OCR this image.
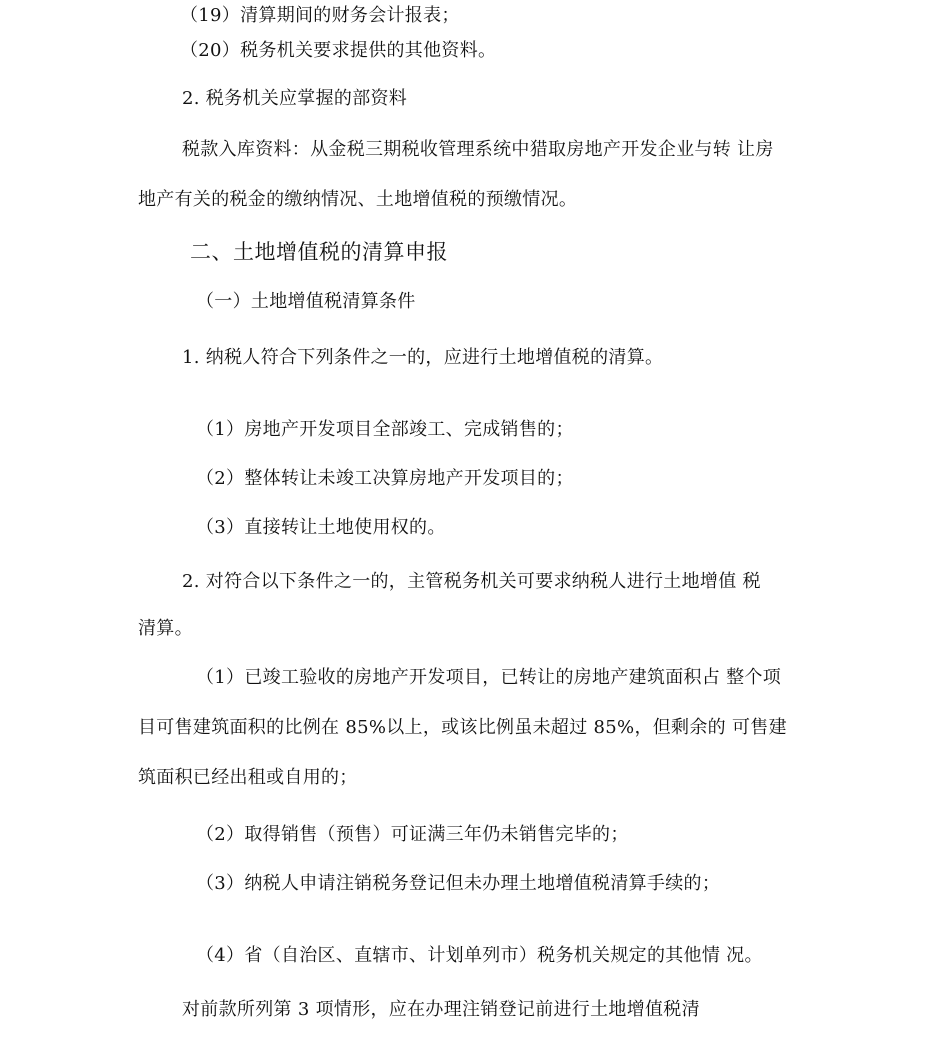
（19）清算期间的财务会计报表；
（20）税务机关要求提供的其他资料。
2. 税务机关应掌握的部资料
税款入库资料：从金税三期税收管理系统中猎取房地产开发企业与转 让房
地产有关的税金的缴纳情况、土地增值税的预缴情况。
二、土地增值税的清算申报
（一）土地增值税清算条件
1. 纳税人符合下列条件之一的，应进行土地增值税的清算。
（1）房地产开发项目全部竣工、完成销售的；
（2）整体转让未竣工决算房地产开发项目的；
（3）直接转让土地使用权的。
2. 对符合以下条件之一的，主管税务机关可要求纳税人进行土地增值 税
清算。
（1）已竣工验收的房地产开发项目，已转让的房地产建筑面积占 整个项
目可售建筑面积的比例在 85%以上，或该比例虽未超过 85%，但剩余的 可售建
筑面积已经出租或自用的；
（2）取得销售（预售）可证满三年仍未销售完毕的；
（3）纳税人申请注销税务登记但未办理土地增值税清算手续的；
（4）省（自治区、直辖市、计划单列市）税务机关规定的其他情 况。
对前款所列第 3 项情形，应在办理注销登记前进行土地增值税清
